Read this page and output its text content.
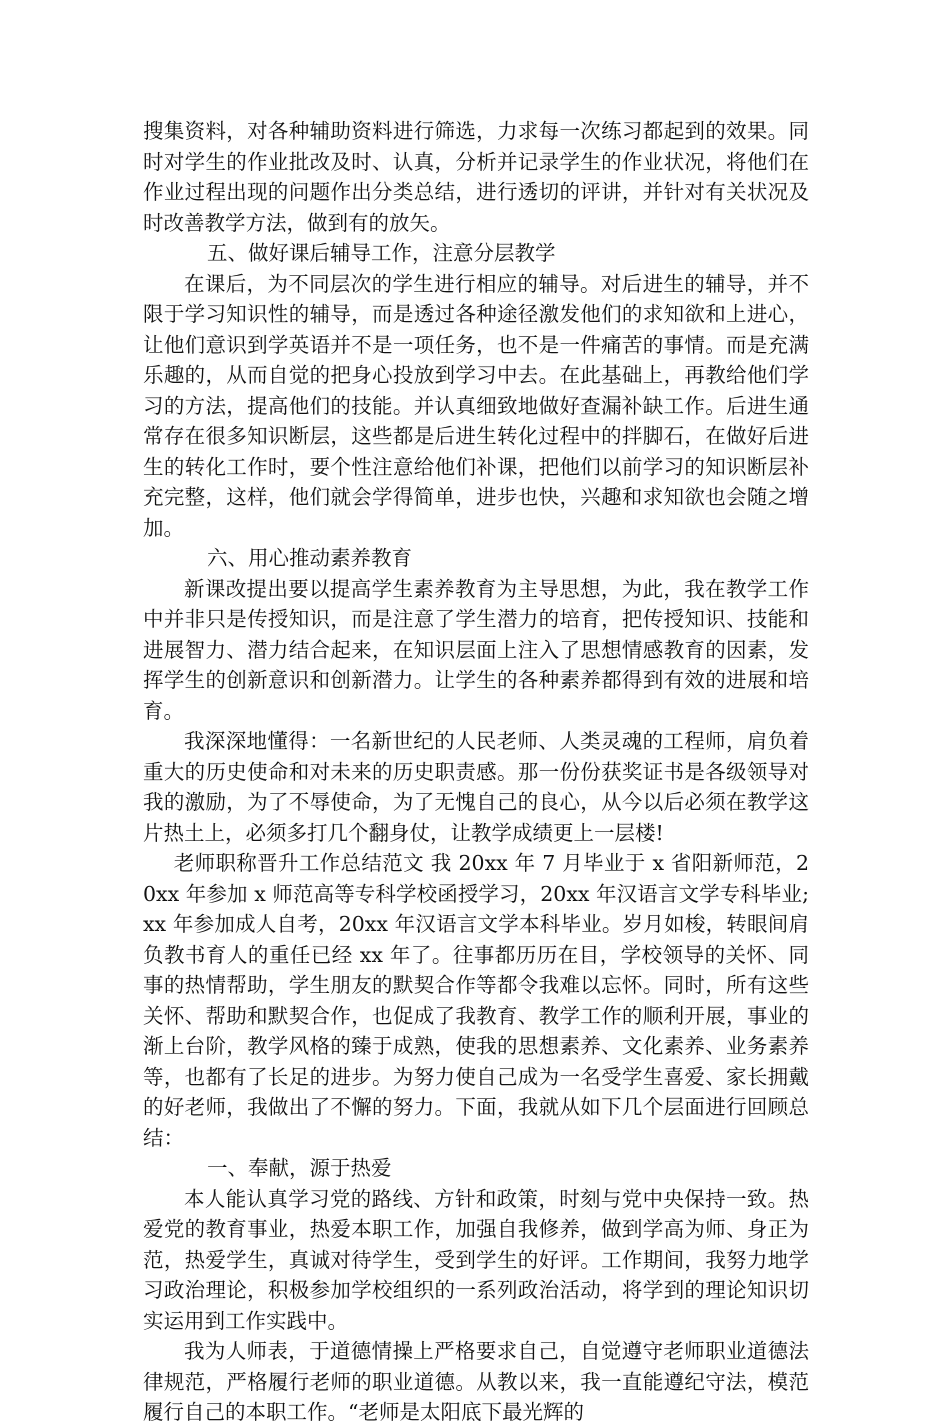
搜集资料，对各种辅助资料进行筛选，力求每一次练习都起到的效果。同时对学生的作业批改及时、认真，分析并记录学生的作业状况，将他们在作业过程出现的问题作出分类总结，进行透切的评讲，并针对有关状况及时改善教学方法，做到有的放矢。

五、做好课后辅导工作，注意分层教学

在课后，为不同层次的学生进行相应的辅导。对后进生的辅导，并不限于学习知识性的辅导，而是透过各种途径激发他们的求知欲和上进心，让他们意识到学英语并不是一项任务，也不是一件痛苦的事情。而是充满乐趣的，从而自觉的把身心投放到学习中去。在此基础上，再教给他们学习的方法，提高他们的技能。并认真细致地做好查漏补缺工作。后进生通常存在很多知识断层，这些都是后进生转化过程中的拌脚石，在做好后进生的转化工作时，要个性注意给他们补课，把他们以前学习的知识断层补充完整，这样，他们就会学得简单，进步也快，兴趣和求知欲也会随之增加。

六、用心推动素养教育

新课改提出要以提高学生素养教育为主导思想，为此，我在教学工作中并非只是传授知识，而是注意了学生潜力的培育，把传授知识、技能和进展智力、潜力结合起来，在知识层面上注入了思想情感教育的因素，发挥学生的创新意识和创新潜力。让学生的各种素养都得到有效的进展和培育。

我深深地懂得：一名新世纪的人民老师、人类灵魂的工程师，肩负着重大的历史使命和对未来的历史职责感。那一份份获奖证书是各级领导对我的激励，为了不辱使命，为了无愧自己的良心，从今以后必须在教学这片热土上，必须多打几个翻身仗，让教学成绩更上一层楼!

老师职称晋升工作总结范文 我 20xx 年 7 月毕业于 x 省阳新师范，20xx 年参加 x 师范高等专科学校函授学习，20xx 年汉语言文学专科毕业;xx 年参加成人自考，20xx 年汉语言文学本科毕业。岁月如梭，转眼间肩负教书育人的重任已经 xx 年了。往事都历历在目，学校领导的关怀、同事的热情帮助，学生朋友的默契合作等都令我难以忘怀。同时，所有这些关怀、帮助和默契合作，也促成了我教育、教学工作的顺利开展，事业的渐上台阶，教学风格的臻于成熟，使我的思想素养、文化素养、业务素养等，也都有了长足的进步。为努力使自己成为一名受学生喜爱、家长拥戴的好老师，我做出了不懈的努力。下面，我就从如下几个层面进行回顾总结：

一、奉献，源于热爱

本人能认真学习党的路线、方针和政策，时刻与党中央保持一致。热爱党的教育事业，热爱本职工作，加强自我修养，做到学高为师、身正为范，热爱学生，真诚对待学生，受到学生的好评。工作期间，我努力地学习政治理论，积极参加学校组织的一系列政治活动，将学到的理论知识切实运用到工作实践中。

我为人师表，于道德情操上严格要求自己，自觉遵守老师职业道德法律规范，严格履行老师的职业道德。从教以来，我一直能遵纪守法，模范履行自己的本职工作。“老师是太阳底下最光辉的
